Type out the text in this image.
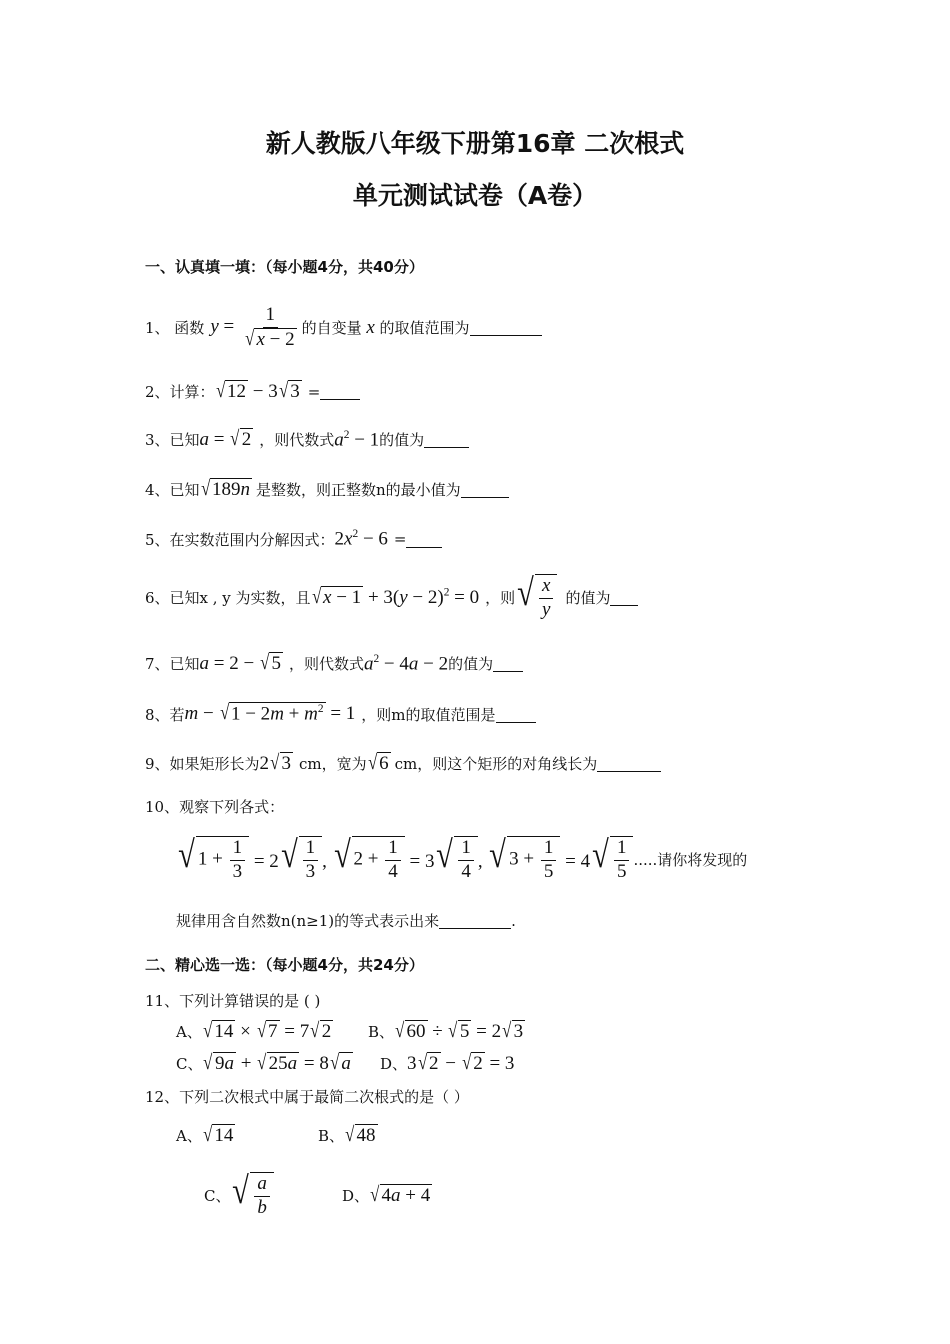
新人教版八年级下册第16章 二次根式
单元测试试卷（A卷）
一、认真填一填：（每小题4分，共40分）
1、 函数 $y = \frac{1}{√ x - 2}$ 的自变量 x 的取值范围为
2、计算： √ 12 − 3 √ 3 =
3、已知 a = √ 2 ，则代数式 $a^2 - 1$ 的值为
4、已知 √ 189n 是整数，则正整数n的最小值为
5、在实数范围内分解因式： $2x^2 - 6$ =
6、已知x , y 为实数，且 √ $x - 1 + 3(y - 2)^2 = 0$ ，则 √ $\frac{x}{y}$ 的值为
7、已知 a = 2 − √ 5 ，则代数式 $a^2 - 4a - 2$ 的值为
8、若 m − √ $1 - 2m + m^2 = 1$ ，则m的取值范围是
9、如果矩形长为 2 √ 3 cm，宽为 √ 6 cm，则这个矩形的对角线长为
10、观察下列各式：
√ $1 + \frac{1}{3} = 2$ √ $\frac{1}{3}$ , √ $2 + \frac{1}{4} = 3$ √ $\frac{1}{4}$ , √ $3 + \frac{1}{5} = 4$ √ $\frac{1}{5}$ .....请你将发现的
规律用含自然数n(n≥1)的等式表示出来	.
二、精心选一选：（每小题4分，共24分）
11、下列计算错误的是 ( )
A、 √ 14 × √ 7 = 7 √ 2 B、 √ 60 ÷ √ 5 = 2 √ 3
C、 √ 9a + √ 25a = 8 √ a D、 3 √ 2 − √ 2 = 3
12、下列二次根式中属于最简二次根式的是（ ）
A、 √ 14	B、 √ 48
C、 √ $\frac{a}{b}$	D、 √ 4a + 4
